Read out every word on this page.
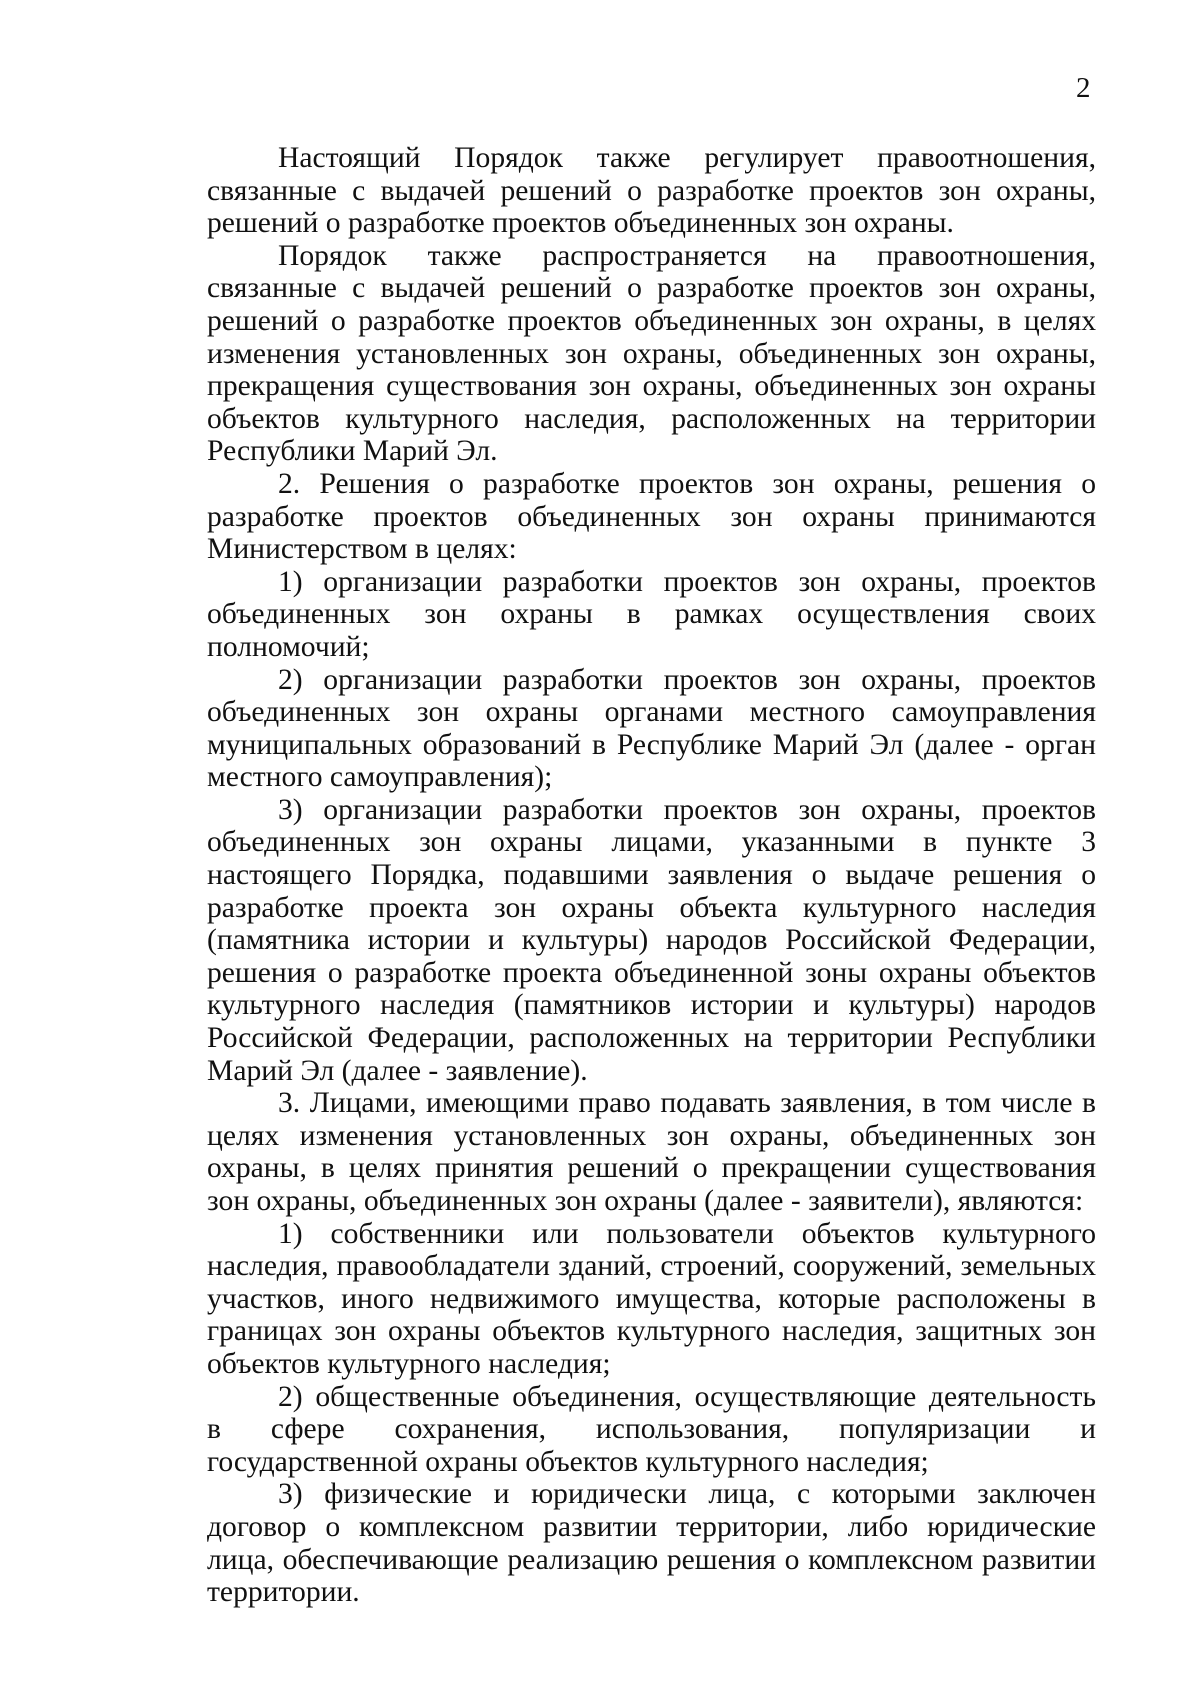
2

Настоящий Порядок также регулирует правоотношения, связанные с выдачей решений о разработке проектов зон охраны, решений о разработке проектов объединенных зон охраны.

Порядок также распространяется на правоотношения, связанные с выдачей решений о разработке проектов зон охраны, решений о разработке проектов объединенных зон охраны, в целях изменения установленных зон охраны, объединенных зон охраны, прекращения существования зон охраны, объединенных зон охраны объектов культурного наследия, расположенных на территории Республики Марий Эл.

2. Решения о разработке проектов зон охраны, решения о разработке проектов объединенных зон охраны принимаются Министерством в целях:

1) организации разработки проектов зон охраны, проектов объединенных зон охраны в рамках осуществления своих полномочий;

2) организации разработки проектов зон охраны, проектов объединенных зон охраны органами местного самоуправления муниципальных образований в Республике Марий Эл (далее - орган местного самоуправления);

3) организации разработки проектов зон охраны, проектов объединенных зон охраны лицами, указанными в пункте 3 настоящего Порядка, подавшими заявления о выдаче решения о разработке проекта зон охраны объекта культурного наследия (памятника истории и культуры) народов Российской Федерации, решения о разработке проекта объединенной зоны охраны объектов культурного наследия (памятников истории и культуры) народов Российской Федерации, расположенных на территории Республики Марий Эл (далее - заявление).

3. Лицами, имеющими право подавать заявления, в том числе в целях изменения установленных зон охраны, объединенных зон охраны, в целях принятия решений о прекращении существования зон охраны, объединенных зон охраны (далее - заявители), являются:

1) собственники или пользователи объектов культурного наследия, правообладатели зданий, строений, сооружений, земельных участков, иного недвижимого имущества, которые расположены в границах зон охраны объектов культурного наследия, защитных зон объектов культурного наследия;

2) общественные объединения, осуществляющие деятельность в сфере сохранения, использования, популяризации и государственной охраны объектов культурного наследия;

3) физические и юридически лица, с которыми заключен договор о комплексном развитии территории, либо юридические лица, обеспечивающие реализацию решения о комплексном развитии территории.
